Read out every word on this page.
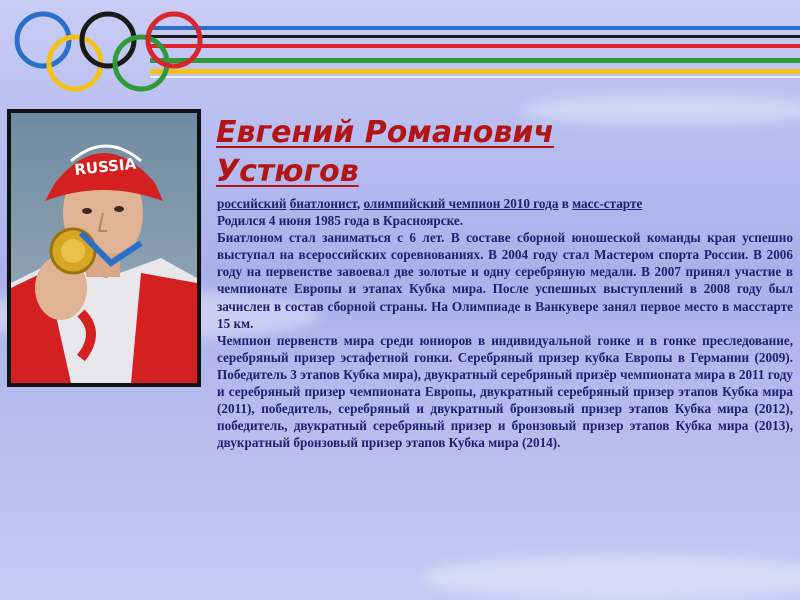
RUSSIA
Евгений Романович
Устюгов

российский биатлонист, олимпийский чемпион 2010 года в масс-старте

Родился 4 июня 1985 года в Красноярске.

Биатлоном стал заниматься с 6 лет. В составе сборной юношеской команды края успешно выступал на всероссийских соревнованиях. В 2004 году стал Мастером спорта России. В 2006 году на первенстве завоевал две золотые и одну серебряную медали. В 2007 принял участие в чемпионате Европы и этапах Кубка мира. После успешных выступлений в 2008 году был зачислен в состав сборной страны. На Олимпиаде в Ванкувере занял первое место в масстарте 15 км.

Чемпион первенств мира среди юниоров в индивидуальной гонке и в гонке преследование, серебряный призер эстафетной гонки. Серебряный призер кубка Европы в Германии (2009). Победитель 3 этапов Кубка мира), двукратный серебряный призёр чемпионата мира в 2011 году и серебряный призер чемпионата Европы, двукратный серебряный призер этапов Кубка мира (2011), победитель, серебряный и двукратный бронзовый призер этапов Кубка мира (2012), победитель, двукратный серебряный призер и бронзовый призер этапов Кубка мира (2013), двукратный бронзовый призер этапов Кубка мира (2014).
